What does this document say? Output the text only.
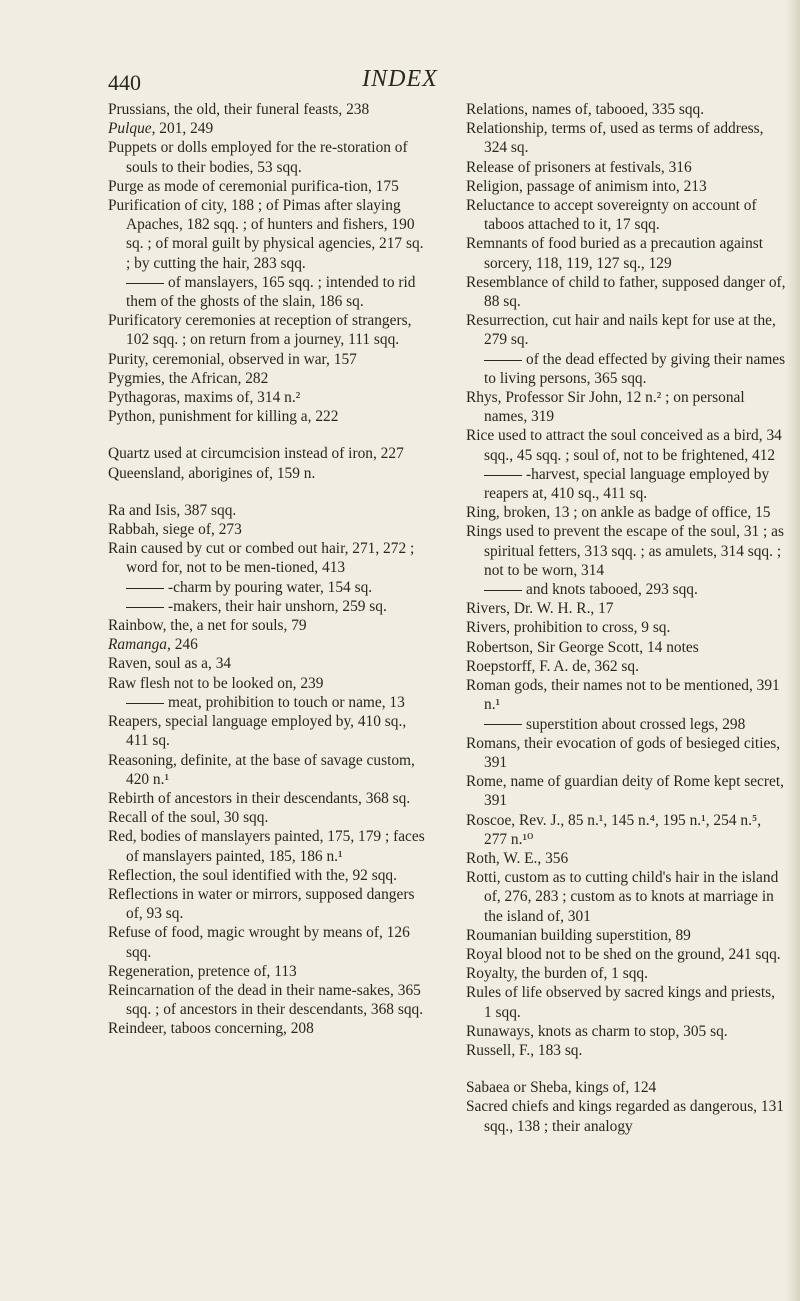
440	INDEX
Prussians, the old, their funeral feasts, 238
Pulque, 201, 249
Puppets or dolls employed for the re-storation of souls to their bodies, 53 sqq.
Purge as mode of ceremonial purifica-tion, 175
Purification of city, 188 ; of Pimas after slaying Apaches, 182 sqq. ; of hunters and fishers, 190 sq. ; of moral guilt by physical agencies, 217 sq. ; by cutting the hair, 283 sqq.
of manslayers, 165 sqq. ; intended to rid them of the ghosts of the slain, 186 sq.
Purificatory ceremonies at reception of strangers, 102 sqq. ; on return from a journey, 111 sqq.
Purity, ceremonial, observed in war, 157
Pygmies, the African, 282
Pythagoras, maxims of, 314 n.²
Python, punishment for killing a, 222
Quartz used at circumcision instead of iron, 227
Queensland, aborigines of, 159 n.
Ra and Isis, 387 sqq.
Rabbah, siege of, 273
Rain caused by cut or combed out hair, 271, 272 ; word for, not to be men-tioned, 413
-charm by pouring water, 154 sq.
-makers, their hair unshorn, 259 sq.
Rainbow, the, a net for souls, 79
Ramanga, 246
Raven, soul as a, 34
Raw flesh not to be looked on, 239
meat, prohibition to touch or name, 13
Reapers, special language employed by, 410 sq., 411 sq.
Reasoning, definite, at the base of savage custom, 420 n.¹
Rebirth of ancestors in their descendants, 368 sq.
Recall of the soul, 30 sqq.
Red, bodies of manslayers painted, 175, 179 ; faces of manslayers painted, 185, 186 n.¹
Reflection, the soul identified with the, 92 sqq.
Reflections in water or mirrors, supposed dangers of, 93 sq.
Refuse of food, magic wrought by means of, 126 sqq.
Regeneration, pretence of, 113
Reincarnation of the dead in their name-sakes, 365 sqq. ; of ancestors in their descendants, 368 sqq.
Reindeer, taboos concerning, 208
Relations, names of, tabooed, 335 sqq.
Relationship, terms of, used as terms of address, 324 sq.
Release of prisoners at festivals, 316
Religion, passage of animism into, 213
Reluctance to accept sovereignty on account of taboos attached to it, 17 sqq.
Remnants of food buried as a precaution against sorcery, 118, 119, 127 sq., 129
Resemblance of child to father, supposed danger of, 88 sq.
Resurrection, cut hair and nails kept for use at the, 279 sq.
of the dead effected by giving their names to living persons, 365 sqq.
Rhys, Professor Sir John, 12 n.² ; on personal names, 319
Rice used to attract the soul conceived as a bird, 34 sqq., 45 sqq. ; soul of, not to be frightened, 412
-harvest, special language employed by reapers at, 410 sq., 411 sq.
Ring, broken, 13 ; on ankle as badge of office, 15
Rings used to prevent the escape of the soul, 31 ; as spiritual fetters, 313 sqq. ; as amulets, 314 sqq. ; not to be worn, 314
and knots tabooed, 293 sqq.
Rivers, Dr. W. H. R., 17
Rivers, prohibition to cross, 9 sq.
Robertson, Sir George Scott, 14 notes
Roepstorff, F. A. de, 362 sq.
Roman gods, their names not to be mentioned, 391 n.¹
superstition about crossed legs, 298
Romans, their evocation of gods of besieged cities, 391
Rome, name of guardian deity of Rome kept secret, 391
Roscoe, Rev. J., 85 n.¹, 145 n.⁴, 195 n.¹, 254 n.⁵, 277 n.¹⁰
Roth, W. E., 356
Rotti, custom as to cutting child's hair in the island of, 276, 283 ; custom as to knots at marriage in the island of, 301
Roumanian building superstition, 89
Royal blood not to be shed on the ground, 241 sqq.
Royalty, the burden of, 1 sqq.
Rules of life observed by sacred kings and priests, 1 sqq.
Runaways, knots as charm to stop, 305 sq.
Russell, F., 183 sq.
Sabaea or Sheba, kings of, 124
Sacred chiefs and kings regarded as dangerous, 131 sqq., 138 ; their analogy
